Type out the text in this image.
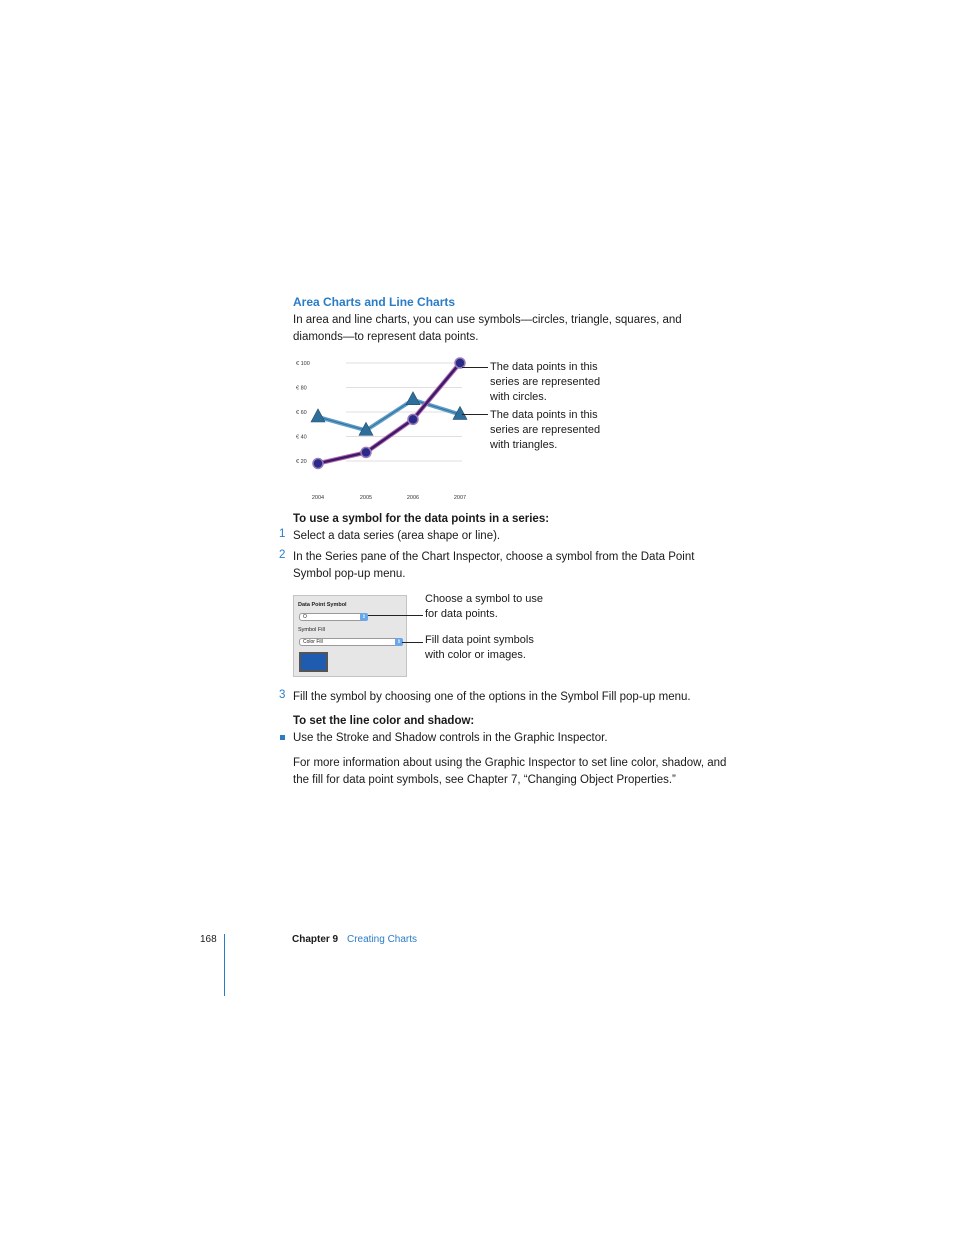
Area Charts and Line Charts
In area and line charts, you can use symbols—circles, triangle, squares, and
diamonds—to represent data points.
€ 100
€ 80
€ 60
€ 40
€ 20
2004	2005	2006	2007
The data points in this
series are represented
with circles.
The data points in this
series are represented
with triangles.
To use a symbol for the data points in a series:
1 Select a data series (area shape or line).
2 In the Series pane of the Chart Inspector, choose a symbol from the Data Point
Symbol pop-up menu.
Data Point Symbol
O	⇕
Symbol Fill
Color Fill	⇕
Choose a symbol to use
for data points.
Fill data point symbols
with color or images.
3 Fill the symbol by choosing one of the options in the Symbol Fill pop-up menu.
To set the line color and shadow:
Use the Stroke and Shadow controls in the Graphic Inspector.
For more information about using the Graphic Inspector to set line color, shadow, and
the fill for data point symbols, see Chapter 7, “Changing Object Properties.”
168	Chapter 9 Creating Charts
